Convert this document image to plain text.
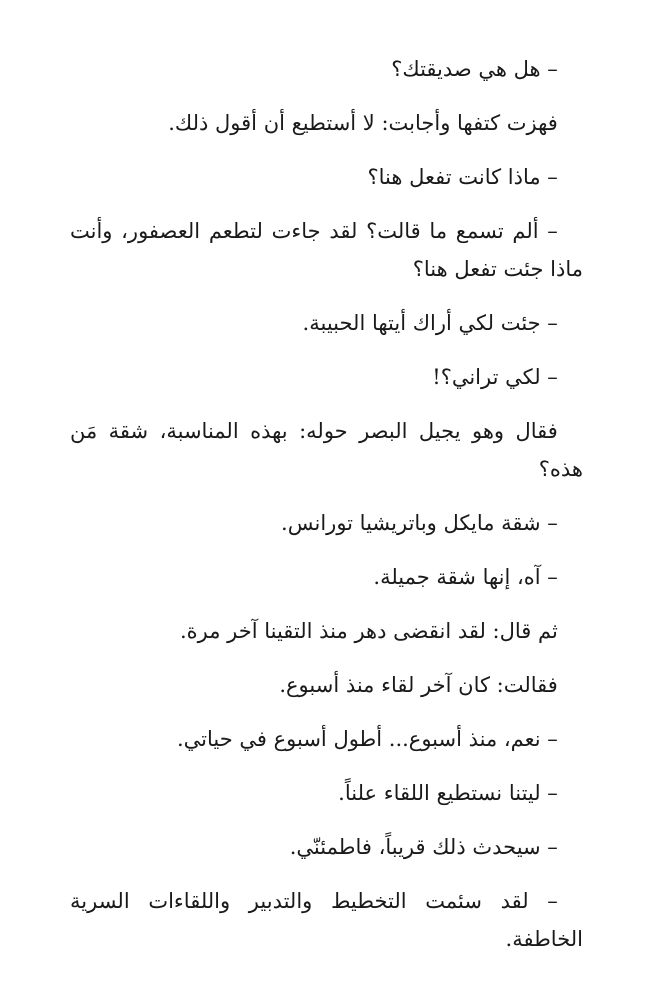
– هل هي صديقتك؟

فهزت كتفها وأجابت: لا أستطيع أن أقول ذلك.

– ماذا كانت تفعل هنا؟

– ألم تسمع ما قالت؟ لقد جاءت لتطعم العصفور، وأنت ماذا جئت تفعل هنا؟

– جئت لكي أراك أيتها الحبيبة.

– لكي تراني؟!

فقال وهو يجيل البصر حوله: بهذه المناسبة، شقة مَن هذه؟

– شقة مايكل وباتريشيا تورانس.

– آه، إنها شقة جميلة.

ثم قال: لقد انقضى دهر منذ التقينا آخر مرة.

فقالت: كان آخر لقاء منذ أسبوع.

– نعم، منذ أسبوع... أطول أسبوع في حياتي.

– ليتنا نستطيع اللقاء علناً.

– سيحدث ذلك قريباً، فاطمئنّي.

– لقد سئمت التخطيط والتدبير واللقاءات السرية الخاطفة.
